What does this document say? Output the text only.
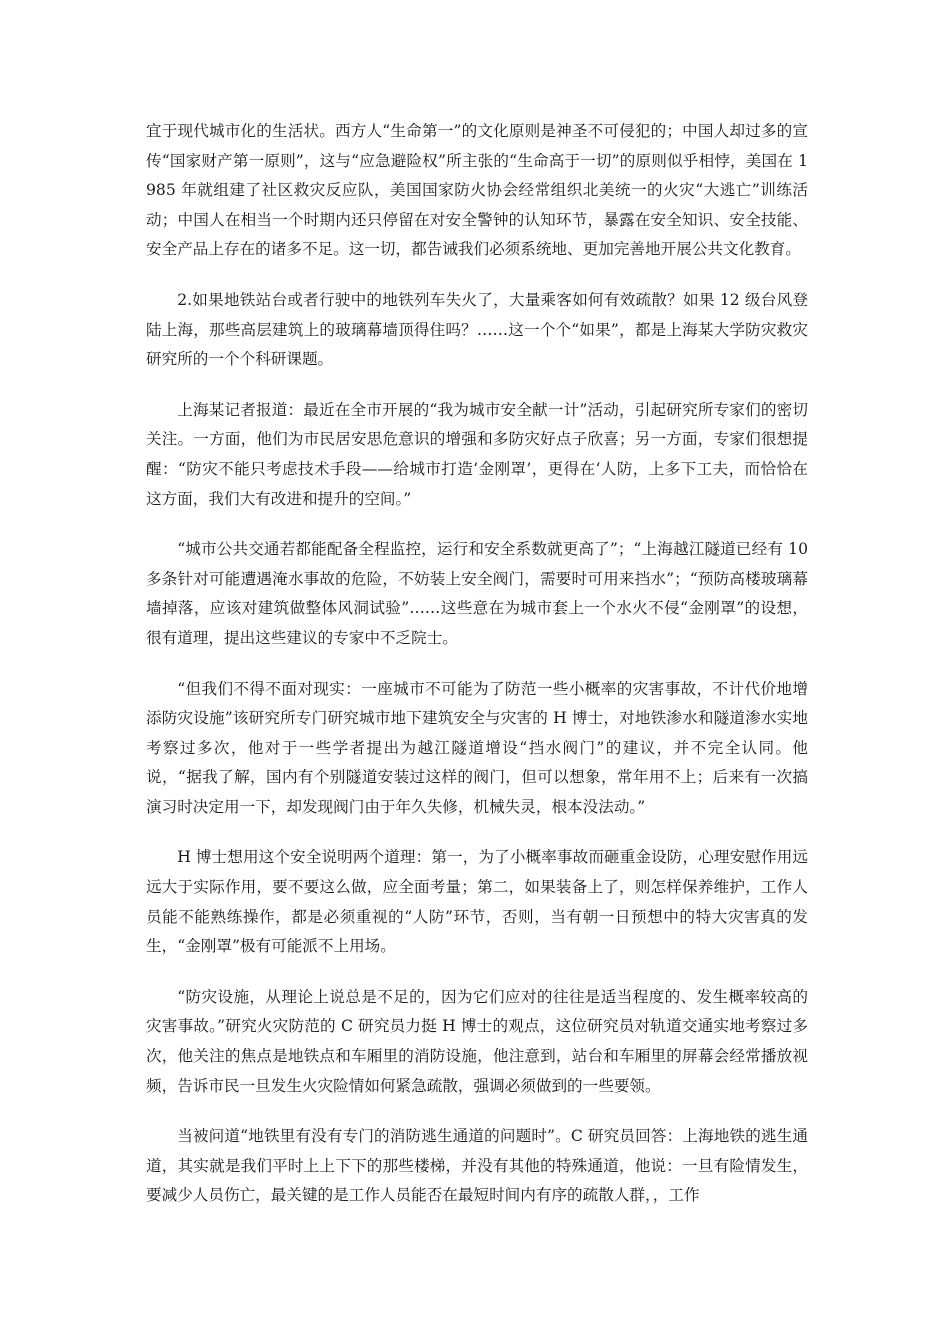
宜于现代城市化的生活状。西方人“生命第一”的文化原则是神圣不可侵犯的；中国人却过多的宣传“国家财产第一原则”，这与“应急避险权”所主张的“生命高于一切”的原则似乎相悖，美国在 1985 年就组建了社区救灾反应队，美国国家防火协会经常组织北美统一的火灾“大逃亡”训练活动；中国人在相当一个时期内还只停留在对安全警钟的认知环节，暴露在安全知识、安全技能、安全产品上存在的诸多不足。这一切，都告诫我们必须系统地、更加完善地开展公共文化教育。

2.如果地铁站台或者行驶中的地铁列车失火了，大量乘客如何有效疏散？如果 12 级台风登陆上海，那些高层建筑上的玻璃幕墙顶得住吗？……这一个个“如果”，都是上海某大学防灾救灾研究所的一个个科研课题。

上海某记者报道：最近在全市开展的“我为城市安全献一计”活动，引起研究所专家们的密切关注。一方面，他们为市民居安思危意识的增强和多防灾好点子欣喜；另一方面，专家们很想提醒：“防灾不能只考虑技术手段——给城市打造‘金刚罩’，更得在‘人防，上多下工夫，而恰恰在这方面，我们大有改进和提升的空间。”

“城市公共交通若都能配备全程监控，运行和安全系数就更高了”；“上海越江隧道已经有 10 多条针对可能遭遇淹水事故的危险，不妨装上安全阀门，需要时可用来挡水”；“预防高楼玻璃幕墙掉落，应该对建筑做整体风洞试验”……这些意在为城市套上一个水火不侵“金刚罩”的设想，很有道理，提出这些建议的专家中不乏院士。

“但我们不得不面对现实：一座城市不可能为了防范一些小概率的灾害事故，不计代价地增添防灾设施”该研究所专门研究城市地下建筑安全与灾害的 H 博士，对地铁渗水和隧道渗水实地考察过多次，他对于一些学者提出为越江隧道增设“挡水阀门”的建议，并不完全认同。他说，“据我了解，国内有个别隧道安装过这样的阀门，但可以想象，常年用不上；后来有一次搞演习时决定用一下，却发现阀门由于年久失修，机械失灵，根本没法动。”

H 博士想用这个安全说明两个道理：第一，为了小概率事故而砸重金设防，心理安慰作用远远大于实际作用，要不要这么做，应全面考量；第二，如果装备上了，则怎样保养维护，工作人员能不能熟练操作，都是必须重视的“人防”环节，否则，当有朝一日预想中的特大灾害真的发生，“金刚罩”极有可能派不上用场。

“防灾设施，从理论上说总是不足的，因为它们应对的往往是适当程度的、发生概率较高的灾害事故。”研究火灾防范的 C 研究员力挺 H 博士的观点，这位研究员对轨道交通实地考察过多次，他关注的焦点是地铁点和车厢里的消防设施，他注意到，站台和车厢里的屏幕会经常播放视频，告诉市民一旦发生火灾险情如何紧急疏散，强调必须做到的一些要领。

当被问道“地铁里有没有专门的消防逃生通道的问题时”。C 研究员回答：上海地铁的逃生通道，其实就是我们平时上上下下的那些楼梯，并没有其他的特殊通道，他说：一旦有险情发生，要减少人员伤亡，最关键的是工作人员能否在最短时间内有序的疏散人群，，工作
